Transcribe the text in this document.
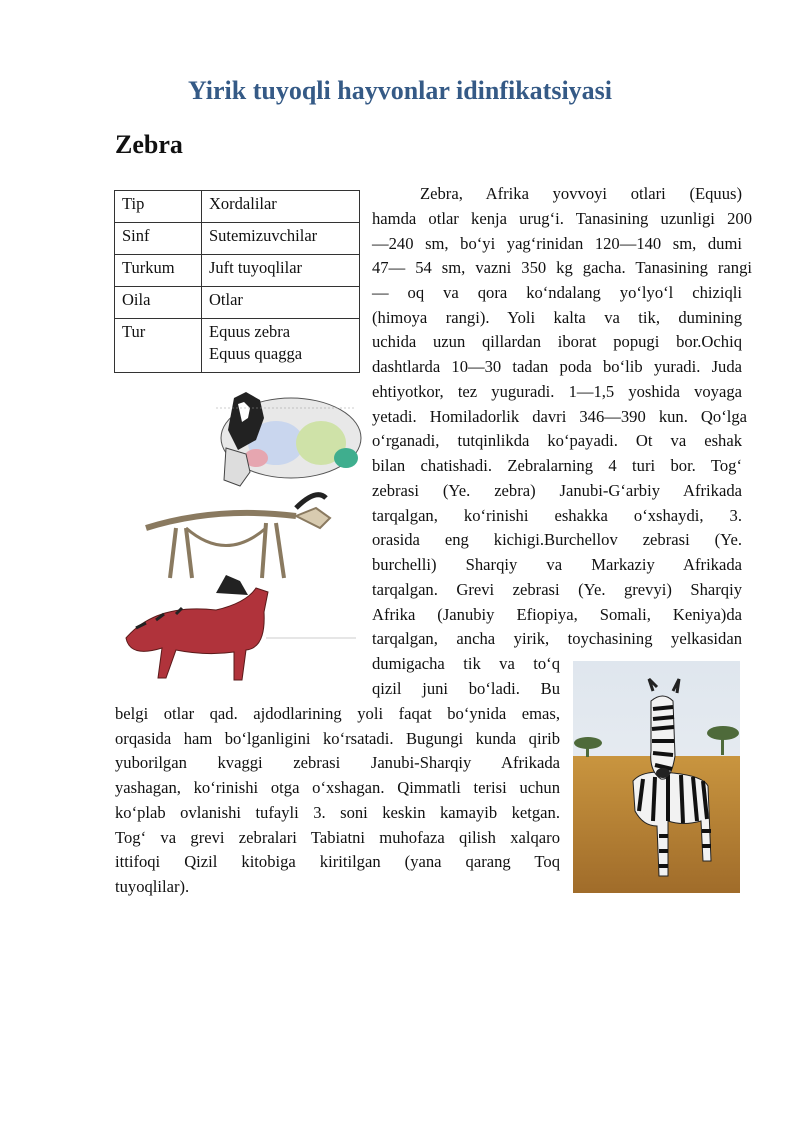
Yirik tuyoqli hayvonlar idinfikatsiyasi
Zebra
Tip	Xordalilar
Sinf	Sutemizuvchilar
Turkum	Juft tuyoqlilar
Oila	Otlar
Tur	Equus zebra
Equus quagga

Zebra, Afrika yovvoyi otlari (Equus)

hamda otlar kenja urug‘i. Tanasining uzunligi 200

—240 sm, bo‘yi yag‘rinidan 120—140 sm, dumi

47— 54 sm, vazni 350 kg gacha. Tanasining rangi

— oq va qora ko‘ndalang yo‘lyo‘l chiziqli

(himoya rangi). Yoli kalta va tik, dumining

uchida uzun qillardan iborat popugi bor.Ochiq

dashtlarda 10—30 tadan poda bo‘lib yuradi. Juda

ehtiyotkor, tez yuguradi. 1—1,5 yoshida voyaga

yetadi. Homiladorlik davri 346—390 kun. Qo‘lga

o‘rganadi, tutqinlikda ko‘payadi. Ot va eshak

bilan chatishadi. Zebralarning 4 turi bor. Tog‘

zebrasi (Ye. zebra) Janubi-G‘arbiy Afrikada

tarqalgan, ko‘rinishi eshakka o‘xshaydi, 3.

orasida eng kichigi.Burchellov zebrasi (Ye.

burchelli) Sharqiy va Markaziy Afrikada

tarqalgan. Grevi zebrasi (Ye. grevyi) Sharqiy

Afrika (Janubiy Efiopiya, Somali, Keniya)da

tarqalgan, ancha yirik, toychasining yelkasidan

dumigacha tik va to‘q

qizil juni bo‘ladi. Bu

belgi otlar qad. ajdodlarining yoli faqat bo‘ynida emas,

orqasida ham bo‘lganligini ko‘rsatadi. Bugungi kunda qirib

yuborilgan kvaggi zebrasi Janubi-Sharqiy Afrikada

yashagan, ko‘rinishi otga o‘xshagan. Qimmatli terisi uchun

ko‘plab ovlanishi tufayli 3. soni keskin kamayib ketgan.

Tog‘ va grevi zebralari Tabiatni muhofaza qilish xalqaro

ittifoqi Qizil kitobiga kiritilgan (yana qarang Toq

tuyoqlilar).
